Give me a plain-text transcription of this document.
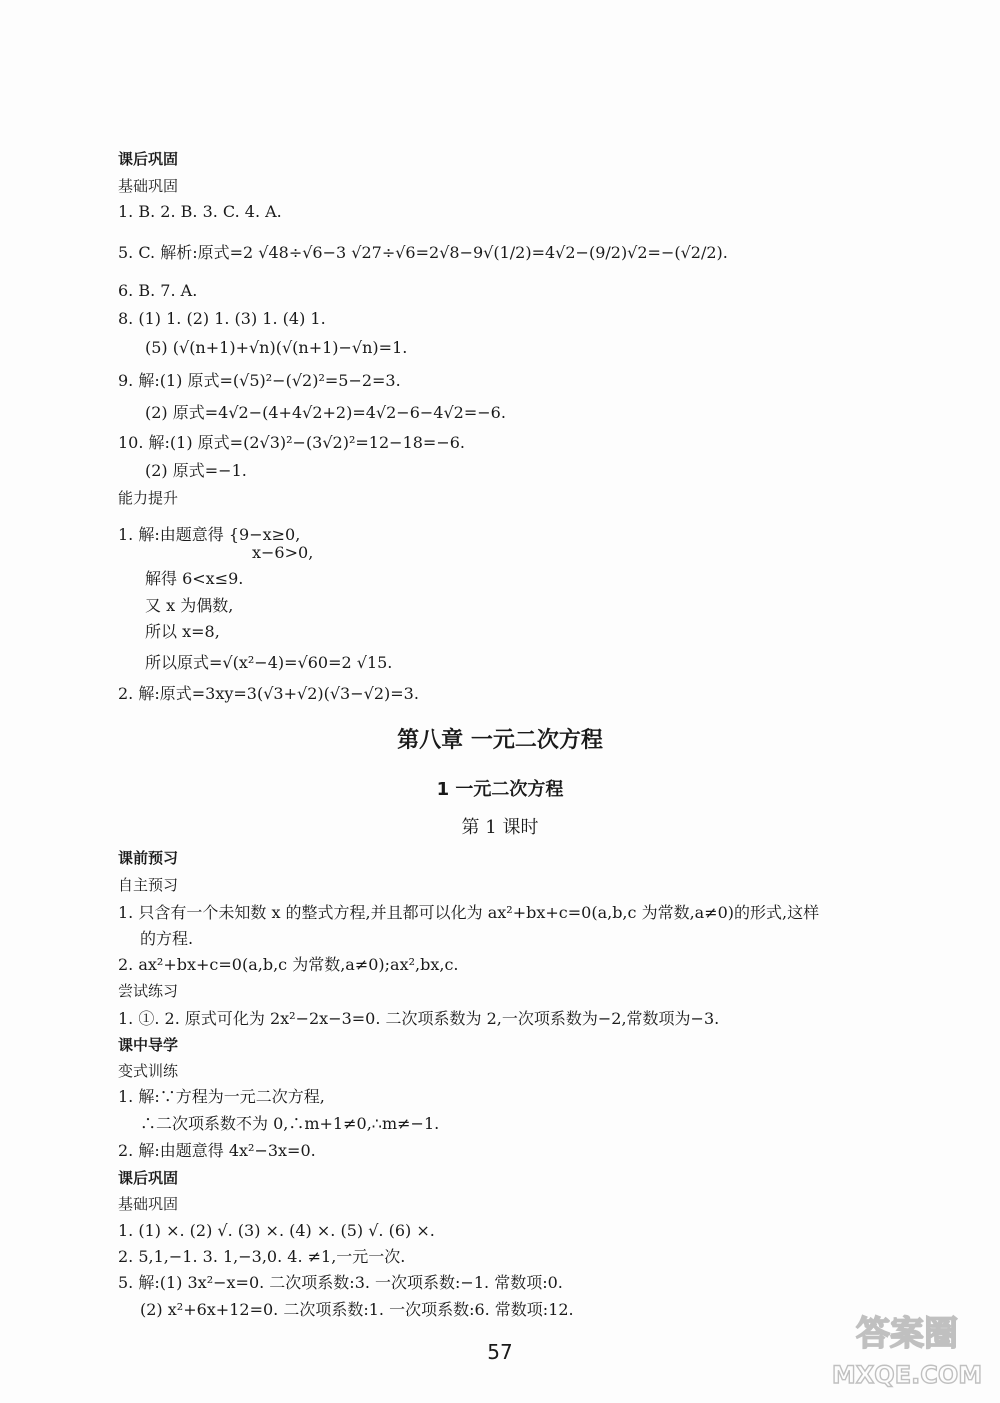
课后巩固
基础巩固
1. B. 2. B. 3. C. 4. A.
5. C. 解析:原式=2 √48÷√6−3 √27÷√6=2√8−9√(1/2)=4√2−(9/2)√2=−(√2/2).
6. B. 7. A.
8. (1) 1. (2) 1. (3) 1. (4) 1.
(5) (√(n+1)+√n)(√(n+1)−√n)=1.
9. 解:(1) 原式=(√5)²−(√2)²=5−2=3.
(2) 原式=4√2−(4+4√2+2)=4√2−6−4√2=−6.
10. 解:(1) 原式=(2√3)²−(3√2)²=12−18=−6.
(2) 原式=−1.
能力提升
1. 解:由题意得 {9−x≥0,
x−6>0,
解得 6<x≤9.
又 x 为偶数,
所以 x=8,
所以原式=√(x²−4)=√60=2 √15.
2. 解:原式=3xy=3(√3+√2)(√3−√2)=3.
第八章 一元二次方程
1 一元二次方程
第 1 课时
课前预习
自主预习
1. 只含有一个未知数 x 的整式方程,并且都可以化为 ax²+bx+c=0(a,b,c 为常数,a≠0)的形式,这样
的方程.
2. ax²+bx+c=0(a,b,c 为常数,a≠0);ax²,bx,c.
尝试练习
1. ①. 2. 原式可化为 2x²−2x−3=0. 二次项系数为 2,一次项系数为−2,常数项为−3.
课中导学
变式训练
1. 解:∵方程为一元二次方程,
∴二次项系数不为 0,∴m+1≠0,∴m≠−1.
2. 解:由题意得 4x²−3x=0.
课后巩固
基础巩固
1. (1) ×. (2) √. (3) ×. (4) ×. (5) √. (6) ×.
2. 5,1,−1. 3. 1,−3,0. 4. ≠1,一元一次.
5. 解:(1) 3x²−x=0. 二次项系数:3. 一次项系数:−1. 常数项:0.
(2) x²+6x+12=0. 二次项系数:1. 一次项系数:6. 常数项:12.
57	答案圈
MXQE.COM
